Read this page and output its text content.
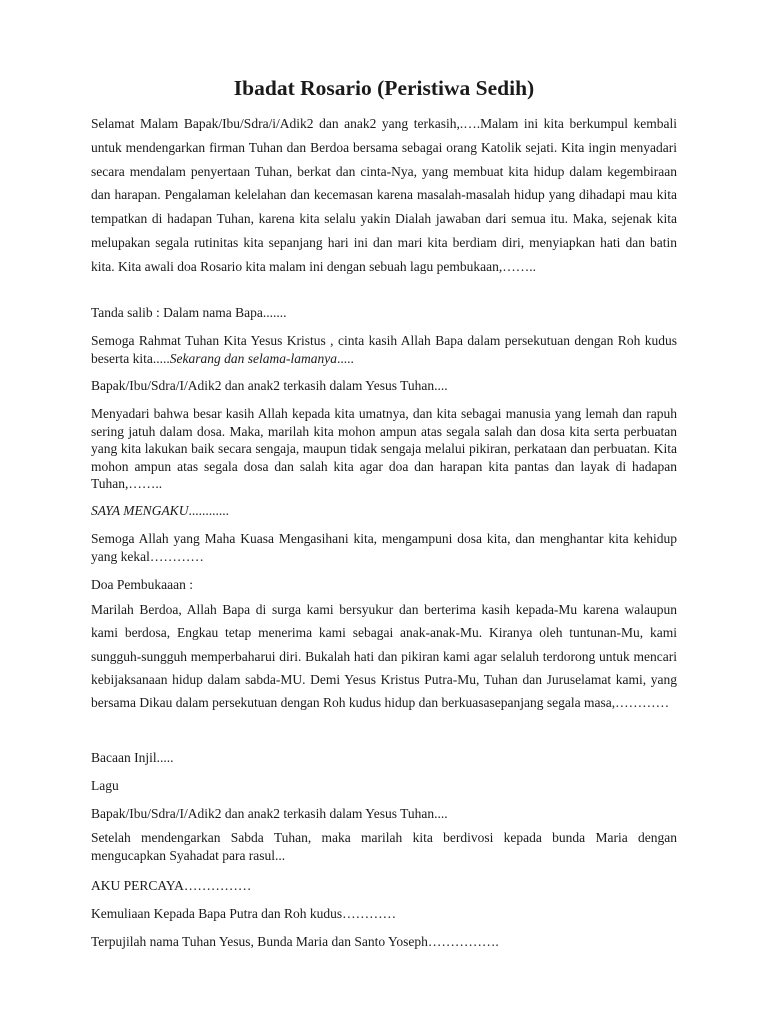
Ibadat Rosario (Peristiwa Sedih)

Selamat Malam Bapak/Ibu/Sdra/i/Adik2 dan anak2 yang terkasih,.….Malam ini kita berkumpul kembali untuk mendengarkan firman Tuhan dan Berdoa bersama sebagai orang Katolik sejati. Kita ingin menyadari secara mendalam penyertaan Tuhan, berkat dan cinta-Nya, yang membuat kita hidup dalam kegembiraan dan harapan. Pengalaman kelelahan dan kecemasan karena masalah-masalah hidup yang dihadapi mau kita tempatkan di hadapan Tuhan, karena kita selalu yakin Dialah jawaban dari semua itu. Maka, sejenak kita melupakan segala rutinitas kita sepanjang hari ini dan mari kita berdiam diri, menyiapkan hati dan batin kita. Kita awali doa Rosario kita malam ini dengan sebuah lagu pembukaan,……..

Tanda salib : Dalam nama Bapa.......

Semoga Rahmat Tuhan Kita Yesus Kristus , cinta kasih Allah Bapa dalam persekutuan dengan Roh kudus beserta kita.....Sekarang dan selama-lamanya.....

Bapak/Ibu/Sdra/I/Adik2 dan anak2 terkasih dalam Yesus Tuhan....

Menyadari bahwa besar kasih Allah kepada kita umatnya, dan kita sebagai manusia yang lemah dan rapuh sering jatuh dalam dosa. Maka, marilah kita mohon ampun atas segala salah dan dosa kita serta perbuatan yang kita lakukan baik secara sengaja, maupun tidak sengaja melalui pikiran, perkataan dan perbuatan. Kita mohon ampun atas segala dosa dan salah kita agar doa dan harapan kita pantas dan layak di hadapan Tuhan,……..

SAYA MENGAKU............

Semoga Allah yang Maha Kuasa Mengasihani kita, mengampuni dosa kita, dan menghantar kita kehidup yang kekal…………

Doa Pembukaaan :

Marilah Berdoa, Allah Bapa di surga kami bersyukur dan berterima kasih kepada-Mu karena walaupun kami berdosa, Engkau tetap menerima kami sebagai anak-anak-Mu. Kiranya oleh tuntunan-Mu, kami sungguh-sungguh memperbaharui diri. Bukalah hati dan pikiran kami agar selaluh terdorong untuk mencari kebijaksanaan hidup dalam sabda-MU. Demi Yesus Kristus Putra-Mu, Tuhan dan Juruselamat kami, yang bersama Dikau dalam persekutuan dengan Roh kudus hidup dan berkuasasepanjang segala masa,…………

Bacaan Injil.....

Lagu

Bapak/Ibu/Sdra/I/Adik2 dan anak2 terkasih dalam Yesus Tuhan....

Setelah mendengarkan Sabda Tuhan, maka marilah kita berdivosi kepada bunda Maria dengan mengucapkan Syahadat para rasul...

AKU PERCAYA……………

Kemuliaan Kepada Bapa Putra dan Roh kudus…………

Terpujilah nama Tuhan Yesus, Bunda Maria dan Santo Yoseph…………….
